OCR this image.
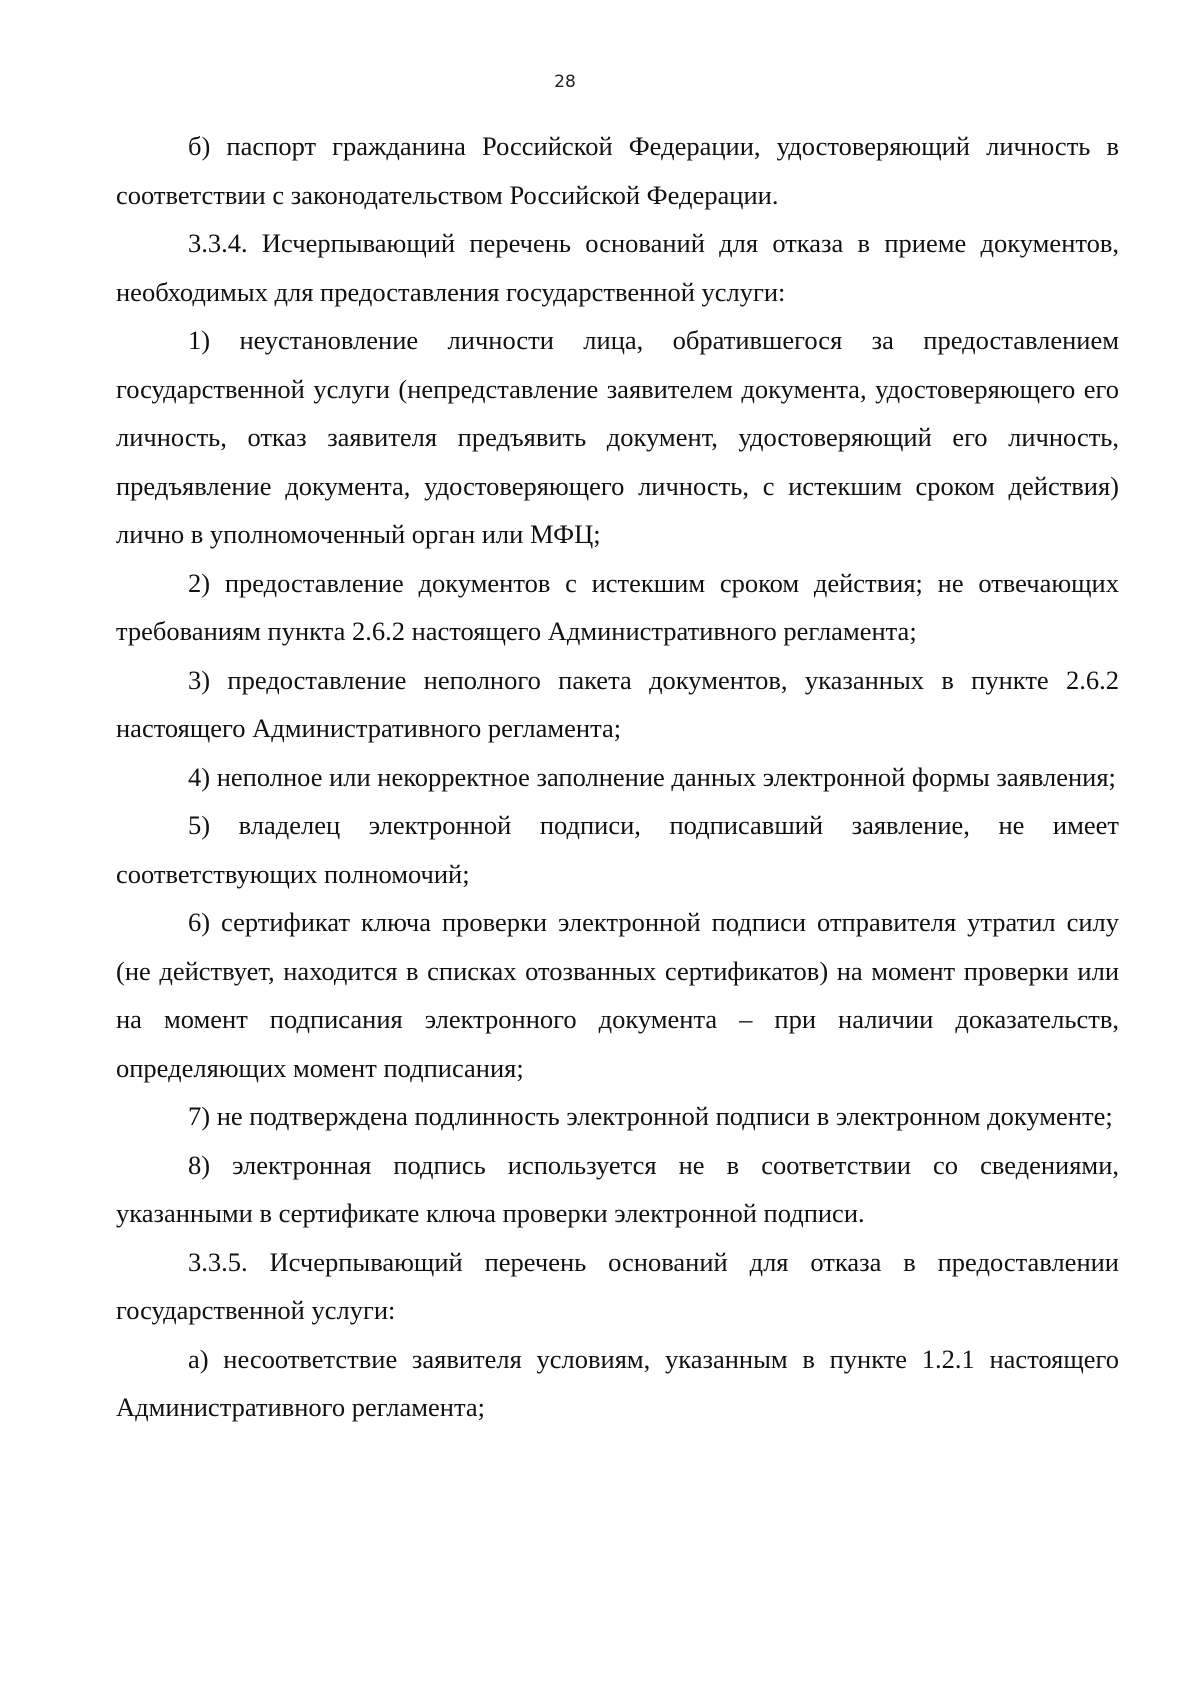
28

б) паспорт гражданина Российской Федерации, удостоверяющий личность в соответствии с законодательством Российской Федерации.

3.3.4. Исчерпывающий перечень оснований для отказа в приеме документов, необходимых для предоставления государственной услуги:

1) неустановление личности лица, обратившегося за предоставлением государственной услуги (непредставление заявителем документа, удостоверяющего его личность, отказ заявителя предъявить документ, удостоверяющий его личность, предъявление документа, удостоверяющего личность, с истекшим сроком действия) лично в уполномоченный орган или МФЦ;

2) предоставление документов с истекшим сроком действия; не отвечающих требованиям пункта 2.6.2 настоящего Административного регламента;

3) предоставление неполного пакета документов, указанных в пункте 2.6.2 настоящего Административного регламента;

4) неполное или некорректное заполнение данных электронной формы заявления;

5) владелец электронной подписи, подписавший заявление, не имеет соответствующих полномочий;

6) сертификат ключа проверки электронной подписи отправителя утратил силу (не действует, находится в списках отозванных сертификатов) на момент проверки или на момент подписания электронного документа – при наличии доказательств, определяющих момент подписания;

7) не подтверждена подлинность электронной подписи в электронном документе;

8) электронная подпись используется не в соответствии со сведениями, указанными в сертификате ключа проверки электронной подписи.

3.3.5. Исчерпывающий перечень оснований для отказа в предоставлении государственной услуги:

а) несоответствие заявителя условиям, указанным в пункте 1.2.1 настоящего Административного регламента;
